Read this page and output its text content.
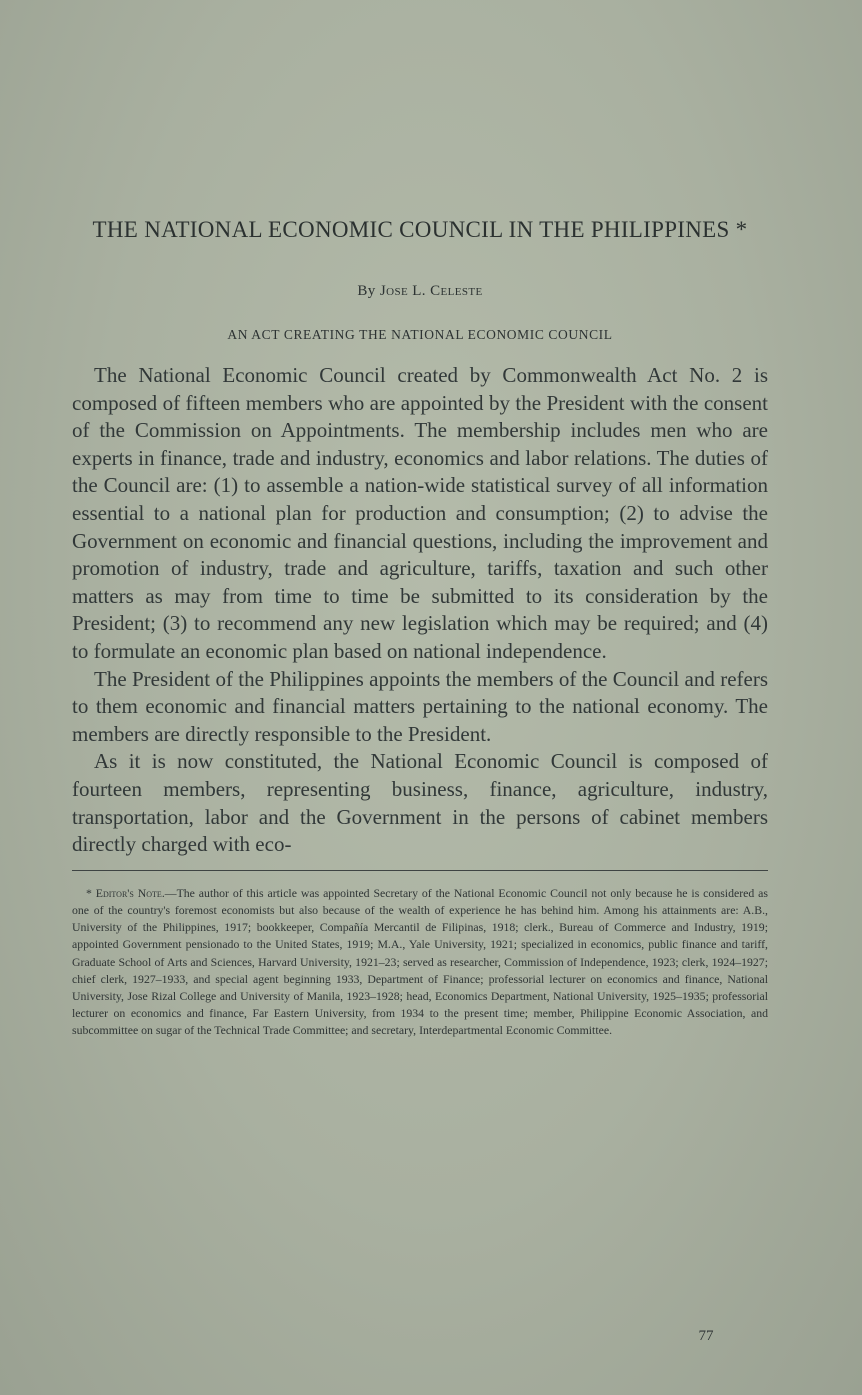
THE NATIONAL ECONOMIC COUNCIL IN THE PHILIPPINES *
By Jose L. Celeste
AN ACT CREATING THE NATIONAL ECONOMIC COUNCIL

The National Economic Council created by Commonwealth Act No. 2 is composed of fifteen members who are appointed by the President with the consent of the Commission on Appointments. The membership includes men who are experts in finance, trade and industry, economics and labor relations. The duties of the Council are: (1) to assemble a nation-wide statistical survey of all information essential to a national plan for production and consumption; (2) to advise the Government on economic and financial questions, including the improvement and promotion of industry, trade and agriculture, tariffs, taxation and such other matters as may from time to time be submitted to its consideration by the President; (3) to recommend any new legislation which may be required; and (4) to formulate an economic plan based on national independence.

The President of the Philippines appoints the members of the Council and refers to them economic and financial matters pertaining to the national economy. The members are directly responsible to the President.

As it is now constituted, the National Economic Council is composed of fourteen members, representing business, finance, agriculture, industry, transportation, labor and the Government in the persons of cabinet members directly charged with eco-

* Editor's Note.—The author of this article was appointed Secretary of the National Economic Council not only because he is considered as one of the country's foremost economists but also because of the wealth of experience he has behind him. Among his attainments are: A.B., University of the Philippines, 1917; bookkeeper, Compañía Mercantil de Filipinas, 1918; clerk., Bureau of Commerce and Industry, 1919; appointed Government pensionado to the United States, 1919; M.A., Yale University, 1921; specialized in economics, public finance and tariff, Graduate School of Arts and Sciences, Harvard University, 1921–23; served as researcher, Commission of Independence, 1923; clerk, 1924–1927; chief clerk, 1927–1933, and special agent beginning 1933, Department of Finance; professorial lecturer on economics and finance, National University, Jose Rizal College and University of Manila, 1923–1928; head, Economics Department, National University, 1925–1935; professorial lecturer on economics and finance, Far Eastern University, from 1934 to the present time; member, Philippine Economic Association, and subcommittee on sugar of the Technical Trade Committee; and secretary, Interdepartmental Economic Committee.
77
